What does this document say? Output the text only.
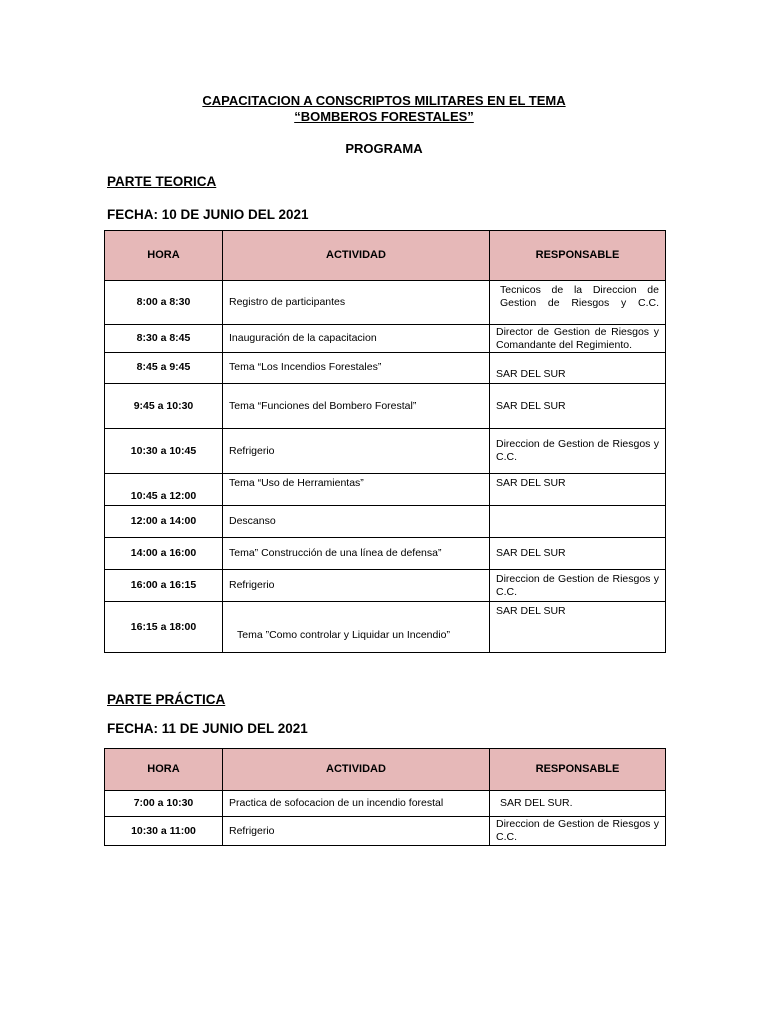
CAPACITACION A CONSCRIPTOS MILITARES EN EL TEMA
“BOMBEROS FORESTALES”
PROGRAMA
PARTE TEORICA
FECHA: 10 DE JUNIO DEL 2021
HORA	ACTIVIDAD	RESPONSABLE
8:00 a 8:30	Registro de participantes	Tecnicos de la Direccion de Gestion de Riesgos y C.C.
8:30 a 8:45	Inauguración de la capacitacion	Director de Gestion de Riesgos y Comandante del Regimiento.
8:45 a 9:45	Tema “Los Incendios Forestales”	SAR DEL SUR
9:45 a 10:30	Tema “Funciones del Bombero Forestal”	SAR DEL SUR
10:30 a 10:45	Refrigerio	Direccion de Gestion de Riesgos y C.C.
10:45 a 12:00	Tema “Uso de Herramientas”	SAR DEL SUR
12:00 a 14:00	Descanso	
14:00 a 16:00	Tema” Construcción de una línea de defensa”	SAR DEL SUR
16:00 a 16:15	Refrigerio	Direccion de Gestion de Riesgos y C.C.
16:15 a 18:00	Tema ”Como controlar y Liquidar un Incendio”	SAR DEL SUR
PARTE PRÁCTICA
FECHA: 11 DE JUNIO DEL 2021
HORA	ACTIVIDAD	RESPONSABLE
7:00 a 10:30	Practica de sofocacion de un incendio forestal	SAR DEL SUR.
10:30 a 11:00	Refrigerio	Direccion de Gestion de Riesgos y C.C.
